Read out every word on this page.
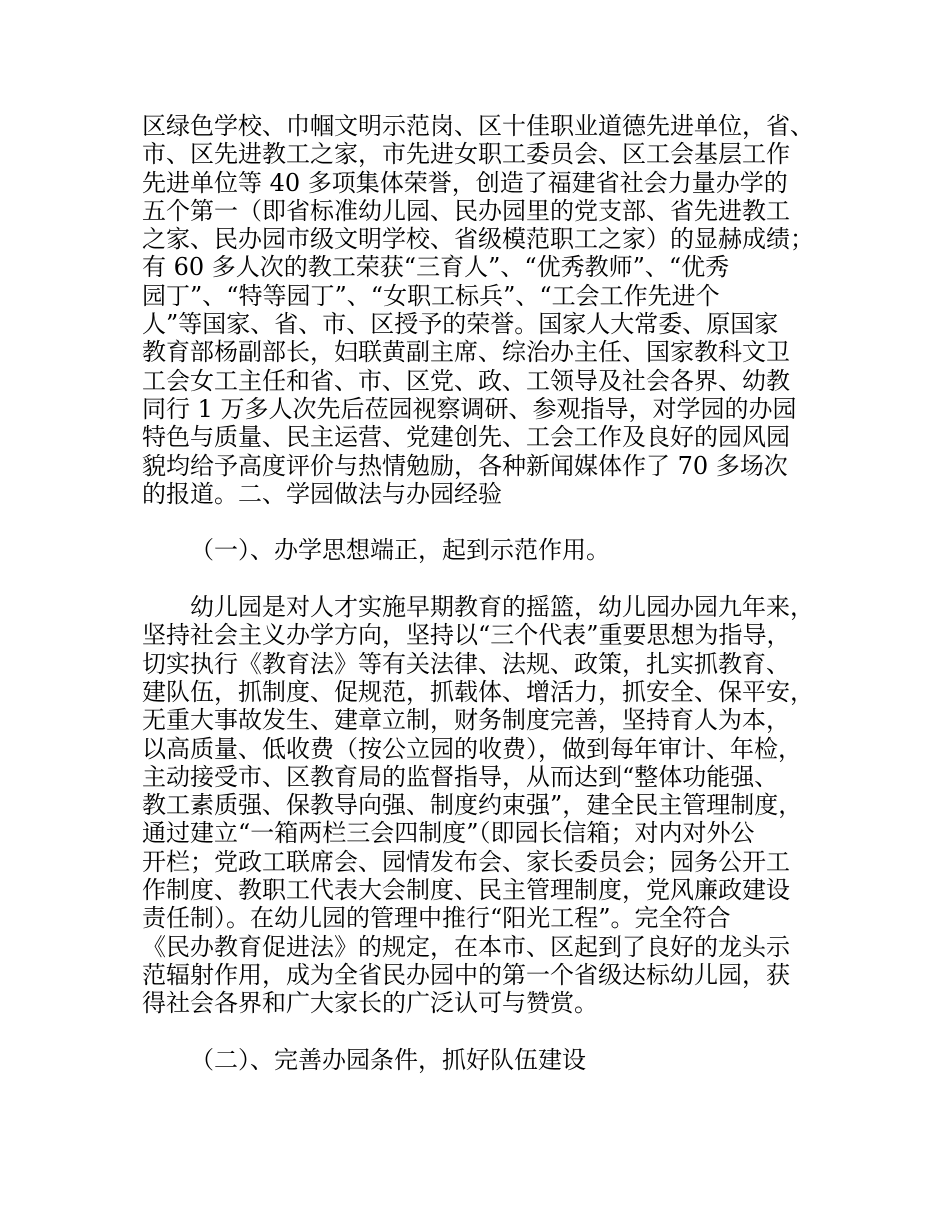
区绿色学校、巾帼文明示范岗、区十佳职业道德先进单位，省、
市、区先进教工之家，市先进女职工委员会、区工会基层工作
先进单位等 40 多项集体荣誉，创造了福建省社会力量办学的
五个第一（即省标准幼儿园、民办园里的党支部、省先进教工
之家、民办园市级文明学校、省级模范职工之家）的显赫成绩；
有 60 多人次的教工荣获“三育人”、“优秀教师”、“优秀
园丁”、“特等园丁”、“女职工标兵”、“工会工作先进个
人”等国家、省、市、区授予的荣誉。国家人大常委、原国家
教育部杨副部长，妇联黄副主席、综治办主任、国家教科文卫
工会女工主任和省、市、区党、政、工领导及社会各界、幼教
同行 1 万多人次先后莅园视察调研、参观指导，对学园的办园
特色与质量、民主运营、党建创先、工会工作及良好的园风园
貌均给予高度评价与热情勉励，各种新闻媒体作了 70 多场次
的报道。二、学园做法与办园经验
（一）、办学思想端正，起到示范作用。
幼儿园是对人才实施早期教育的摇篮，幼儿园办园九年来，
坚持社会主义办学方向，坚持以“三个代表”重要思想为指导，
切实执行《教育法》等有关法律、法规、政策，扎实抓教育、
建队伍，抓制度、促规范，抓载体、增活力，抓安全、保平安，
无重大事故发生、建章立制，财务制度完善，坚持育人为本，
以高质量、低收费（按公立园的收费），做到每年审计、年检，
主动接受市、区教育局的监督指导，从而达到“整体功能强、
教工素质强、保教导向强、制度约束强”，建全民主管理制度，
通过建立“一箱两栏三会四制度”（即园长信箱；对内对外公
开栏；党政工联席会、园情发布会、家长委员会；园务公开工
作制度、教职工代表大会制度、民主管理制度，党风廉政建设
责任制）。在幼儿园的管理中推行“阳光工程”。完全符合
《民办教育促进法》的规定，在本市、区起到了良好的龙头示
范辐射作用，成为全省民办园中的第一个省级达标幼儿园，获
得社会各界和广大家长的广泛认可与赞赏。
（二）、完善办园条件，抓好队伍建设
